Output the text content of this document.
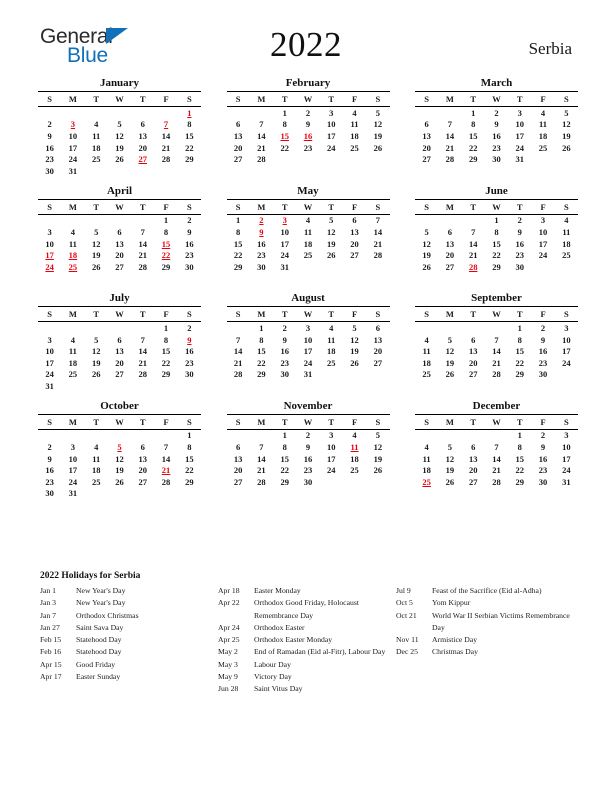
General
Blue	2022	Serbia
January
S	M	T	W	T	F	S
						1
2	3	4	5	6	7	8
9	10	11	12	13	14	15
16	17	18	19	20	21	22
23	24	25	26	27	28	29
30	31					
February
S	M	T	W	T	F	S
		1	2	3	4	5
6	7	8	9	10	11	12
13	14	15	16	17	18	19
20	21	22	23	24	25	26
27	28					

March
S	M	T	W	T	F	S
		1	2	3	4	5
6	7	8	9	10	11	12
13	14	15	16	17	18	19
20	21	22	23	24	25	26
27	28	29	30	31		

April
S	M	T	W	T	F	S
					1	2
3	4	5	6	7	8	9
10	11	12	13	14	15	16
17	18	19	20	21	22	23
24	25	26	27	28	29	30

May
S	M	T	W	T	F	S
1	2	3	4	5	6	7
8	9	10	11	12	13	14
15	16	17	18	19	20	21
22	23	24	25	26	27	28
29	30	31				

June
S	M	T	W	T	F	S
			1	2	3	4
5	6	7	8	9	10	11
12	13	14	15	16	17	18
19	20	21	22	23	24	25
26	27	28	29	30		

July
S	M	T	W	T	F	S
					1	2
3	4	5	6	7	8	9
10	11	12	13	14	15	16
17	18	19	20	21	22	23
24	25	26	27	28	29	30
31						
August
S	M	T	W	T	F	S
	1	2	3	4	5	6
7	8	9	10	11	12	13
14	15	16	17	18	19	20
21	22	23	24	25	26	27
28	29	30	31			

September
S	M	T	W	T	F	S
				1	2	3
4	5	6	7	8	9	10
11	12	13	14	15	16	17
18	19	20	21	22	23	24
25	26	27	28	29	30	

October
S	M	T	W	T	F	S
						1
2	3	4	5	6	7	8
9	10	11	12	13	14	15
16	17	18	19	20	21	22
23	24	25	26	27	28	29
30	31					
November
S	M	T	W	T	F	S
		1	2	3	4	5
6	7	8	9	10	11	12
13	14	15	16	17	18	19
20	21	22	23	24	25	26
27	28	29	30			

December
S	M	T	W	T	F	S
				1	2	3
4	5	6	7	8	9	10
11	12	13	14	15	16	17
18	19	20	21	22	23	24
25	26	27	28	29	30	31

2022 Holidays for Serbia
Jan 1	New Year's Day
Jan 3	New Year's Day
Jan 7	Orthodox Christmas
Jan 27	Saint Sava Day
Feb 15	Statehood Day
Feb 16	Statehood Day
Apr 15	Good Friday
Apr 17	Easter Sunday
Apr 18	Easter Monday
Apr 22	Orthodox Good Friday, Holocaust Remembrance Day
Apr 24	Orthodox Easter
Apr 25	Orthodox Easter Monday
May 2	End of Ramadan (Eid al-Fitr), Labour Day
May 3	Labour Day
May 9	Victory Day
Jun 28	Saint Vitus Day
Jul 9	Feast of the Sacrifice (Eid al-Adha)
Oct 5	Yom Kippur
Oct 21	World War II Serbian Victims Remembrance Day
Nov 11	Armistice Day
Dec 25	Christmas Day
